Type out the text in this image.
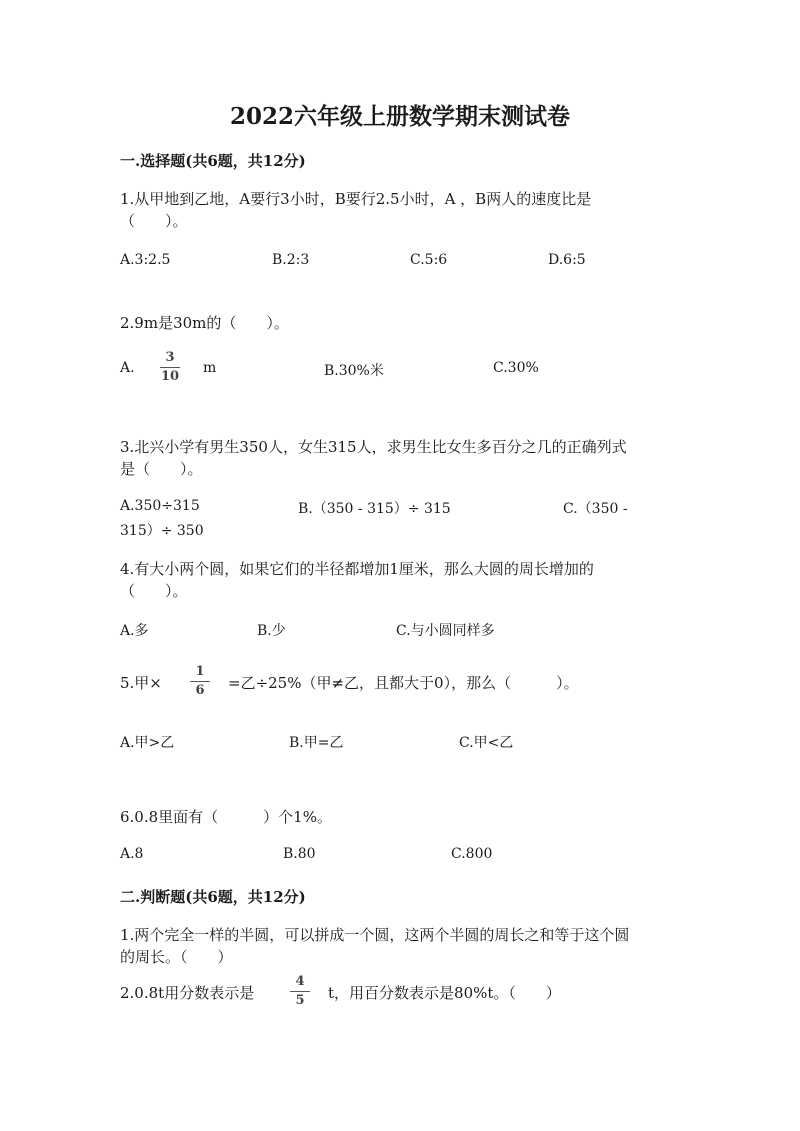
2022六年级上册数学期末测试卷
一.选择题(共6题，共12分)
1.从甲地到乙地，A要行3小时，B要行2.5小时，A ，B两人的速度比是
（　　）。
A.3:2.5	B.2:3	C.5:6	D.6:5
2.9m是30m的（　　）。
A.
3
10
m	B.30%米	C.30%
3.北兴小学有男生350人，女生315人，求男生比女生多百分之几的正确列式
是（　　）。
A.350÷315	B.（350 - 315）÷ 315	C.（350 -
315）÷ 350
4.有大小两个圆，如果它们的半径都增加1厘米，那么大圆的周长增加的
（　　）。
A.多	B.少	C.与小圆同样多
5.甲×
1
6	=乙÷25%（甲≠乙，且都大于0），那么（　　　）。
A.甲>乙	B.甲=乙	C.甲<乙
6.0.8里面有（　　　）个1%。
A.8	B.80	C.800
二.判断题(共6题，共12分)
1.两个完全一样的半圆，可以拼成一个圆，这两个半圆的周长之和等于这个圆
的周长。（　　）
2.0.8t用分数表示是
4
5	t，用百分数表示是80%t。（　　）
